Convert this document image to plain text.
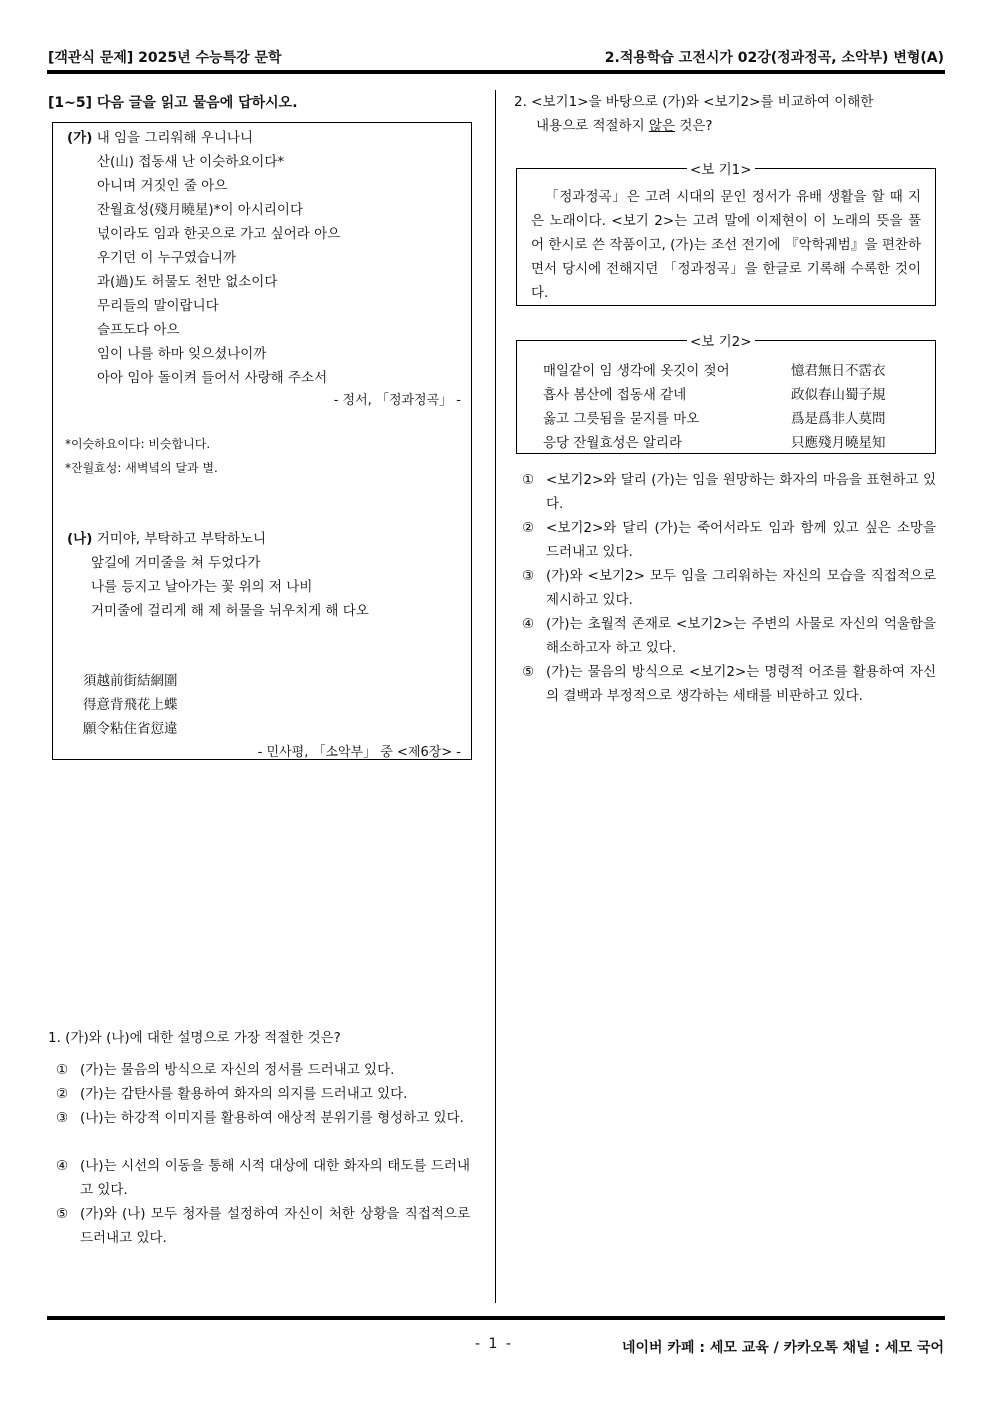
[객관식 문제] 2025년 수능특강 문학	2.적용학습 고전시가 02강(정과정곡, 소악부) 변형(A)
[1~5] 다음 글을 읽고 물음에 답하시오.
(가) 내 임을 그리워해 우니나니
산(山) 접동새 난 이슷하요이다*
아니며 거짓인 줄 아으
잔월효성(殘月曉星)*이 아시리이다
넋이라도 임과 한곳으로 가고 싶어라 아으
우기던 이 누구였습니까
과(過)도 허물도 천만 없소이다
무리들의 말이랍니다
슬프도다 아으
임이 나를 하마 잊으셨나이까
아아 임아 돌이켜 들어서 사랑해 주소서
- 정서, 「정과정곡」 -
*이슷하요이다: 비슷합니다.
*잔월효성: 새벽녘의 달과 별.
(나) 거미야, 부탁하고 부탁하노니
앞길에 거미줄을 쳐 두었다가
나를 등지고 날아가는 꽃 위의 저 나비
거미줄에 걸리게 해 제 허물을 뉘우치게 해 다오
須越前街結網圍
得意背飛花上蝶
願令粘住省愆違
- 민사평, 「소악부」 중 <제6장> -
1. (가)와 (나)에 대한 설명으로 가장 적절한 것은?
① (가)는 물음의 방식으로 자신의 정서를 드러내고 있다.
② (가)는 감탄사를 활용하여 화자의 의지를 드러내고 있다.
③ (나)는 하강적 이미지를 활용하여 애상적 분위기를 형성하고 있다.
④ (나)는 시선의 이동을 통해 시적 대상에 대한 화자의 태도를 드러내고 있다.
⑤ (가)와 (나) 모두 청자를 설정하여 자신이 처한 상황을 직접적으로 드러내고 있다.
2. <보기1>을 바탕으로 (가)와 <보기2>를 비교하여 이해한
내용으로 적절하지 않은 것은?
<보 기1>
「정과정곡」은 고려 시대의 문인 정서가 유배 생활을 할 때 지은 노래이다. <보기 2>는 고려 말에 이제현이 이 노래의 뜻을 풀어 한시로 쓴 작품이고, (가)는 조선 전기에 『악학궤범』을 편찬하면서 당시에 전해지던 「정과정곡」을 한글로 기록해 수록한 것이다.
<보 기2>
매일같이 임 생각에 옷깃이 젖어	憶君無日不霑衣
흡사 봄산에 접동새 같네	政似春山蜀子規
옳고 그릇됨을 묻지를 마오	爲是爲非人莫問
응당 잔월효성은 알리라	只應殘月曉星知
① <보기2>와 달리 (가)는 임을 원망하는 화자의 마음을 표현하고 있다.
② <보기2>와 달리 (가)는 죽어서라도 임과 함께 있고 싶은 소망을 드러내고 있다.
③ (가)와 <보기2> 모두 임을 그리워하는 자신의 모습을 직접적으로 제시하고 있다.
④ (가)는 초월적 존재로 <보기2>는 주변의 사물로 자신의 억울함을 해소하고자 하고 있다.
⑤ (가)는 물음의 방식으로 <보기2>는 명령적 어조를 활용하여 자신의 결백과 부정적으로 생각하는 세태를 비판하고 있다.
- 1 -	네이버 카페 : 세모 교육 / 카카오톡 채널 : 세모 국어
